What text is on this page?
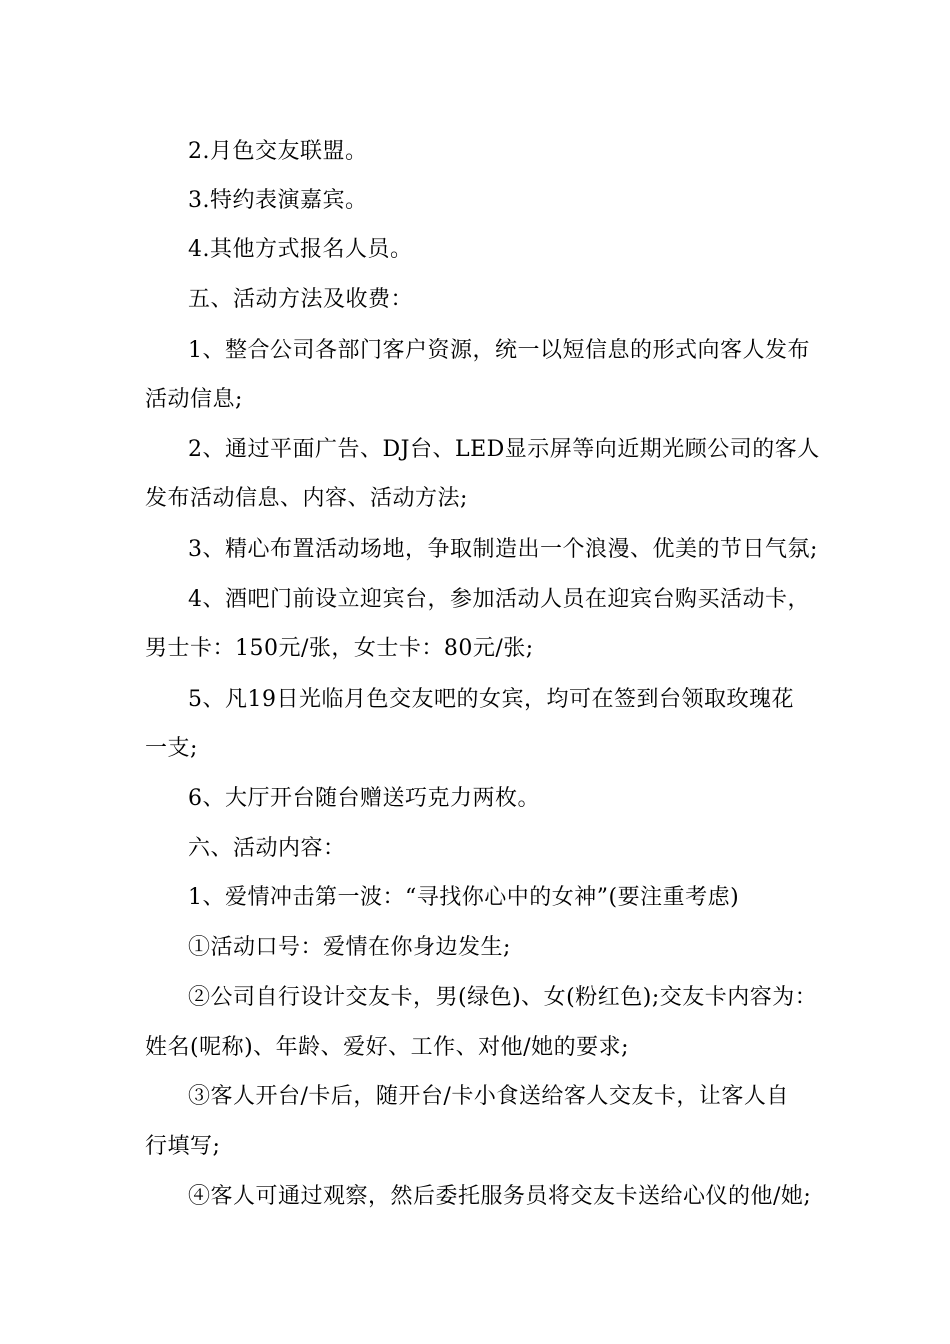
2.月色交友联盟。
3.特约表演嘉宾。
4.其他方式报名人员。
五、活动方法及收费：
1、整合公司各部门客户资源，统一以短信息的形式向客人发布
活动信息;
2、通过平面广告、DJ台、LED显示屏等向近期光顾公司的客人
发布活动信息、内容、活动方法;
3、精心布置活动场地，争取制造出一个浪漫、优美的节日气氛;
4、酒吧门前设立迎宾台，参加活动人员在迎宾台购买活动卡，
男士卡：150元/张，女士卡：80元/张;
5、凡19日光临月色交友吧的女宾，均可在签到台领取玫瑰花
一支;
6、大厅开台随台赠送巧克力两枚。
六、活动内容：
1、爱情冲击第一波：“寻找你心中的女神”(要注重考虑)
①活动口号：爱情在你身边发生;
②公司自行设计交友卡，男(绿色)、女(粉红色);交友卡内容为：
姓名(呢称)、年龄、爱好、工作、对他/她的要求;
③客人开台/卡后，随开台/卡小食送给客人交友卡，让客人自
行填写;
④客人可通过观察，然后委托服务员将交友卡送给心仪的他/她;
